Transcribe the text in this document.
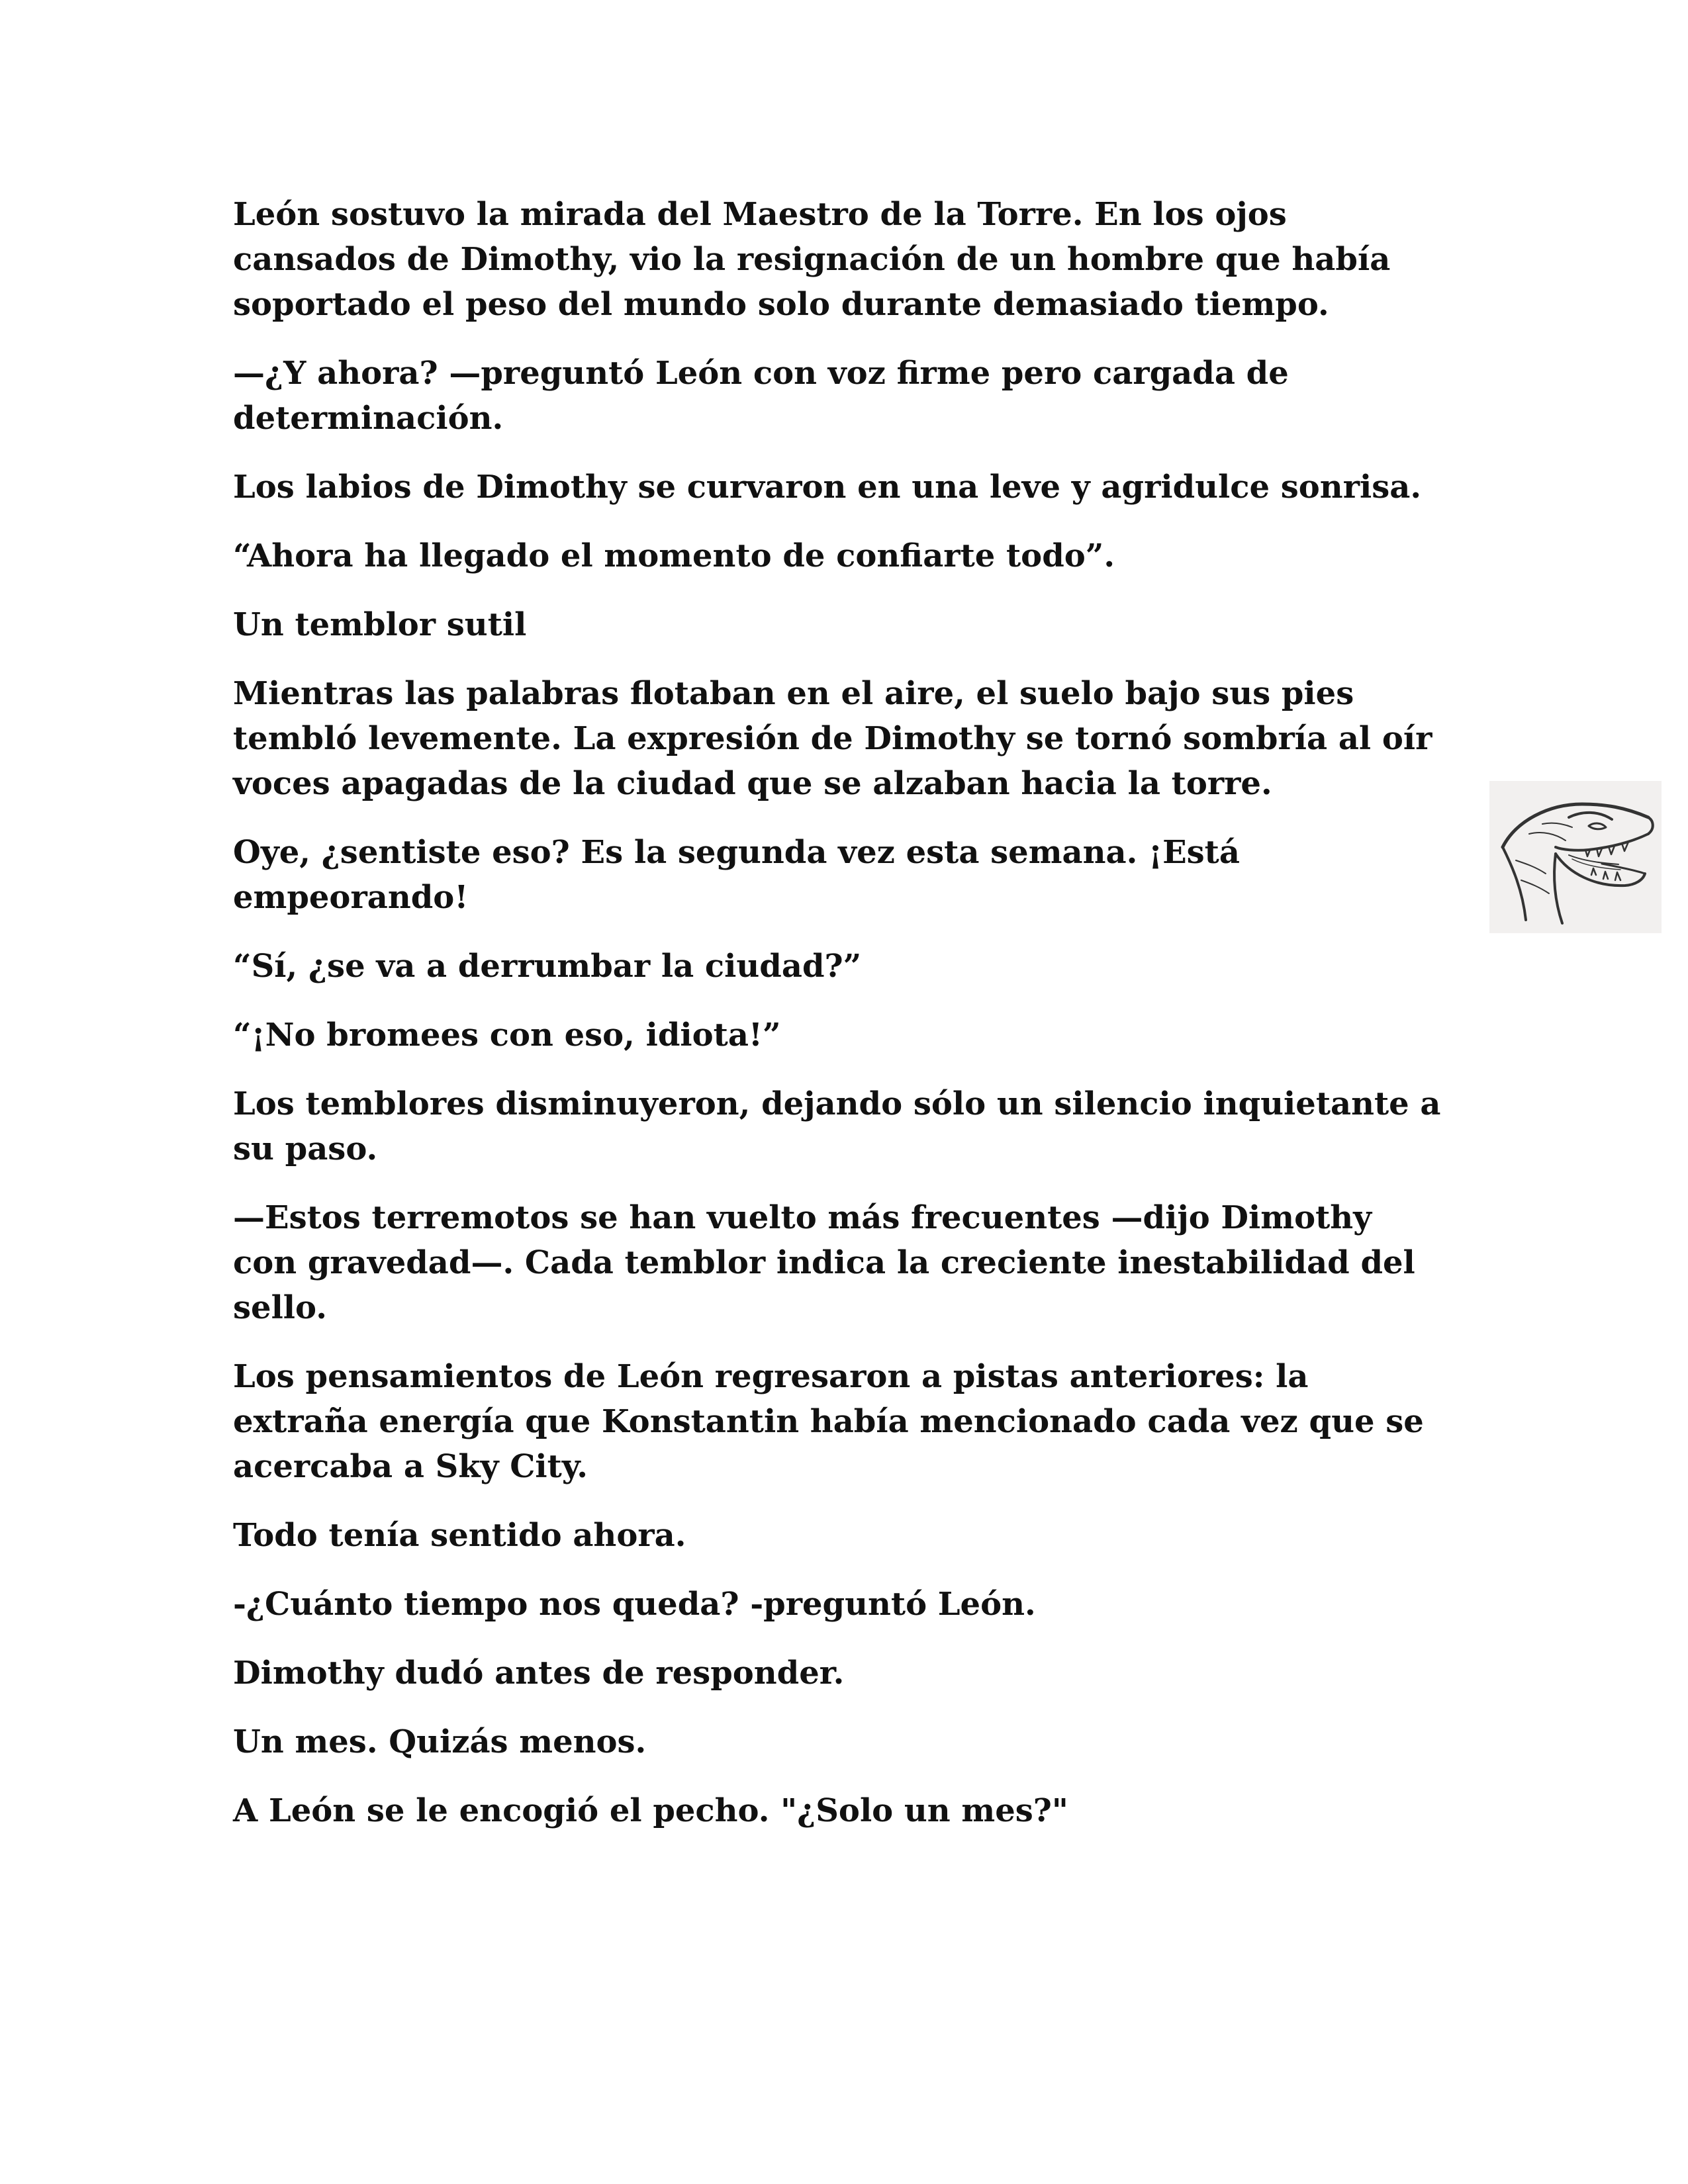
León sostuvo la mirada del Maestro de la Torre. En los ojos cansados de Dimothy, vio la resignación de un hombre que había soportado el peso del mundo solo durante demasiado tiempo.

—¿Y ahora? —preguntó León con voz firme pero cargada de determinación.

Los labios de Dimothy se curvaron en una leve y agridulce sonrisa.

“Ahora ha llegado el momento de confiarte todo”.

Un temblor sutil

Mientras las palabras flotaban en el aire, el suelo bajo sus pies tembló levemente. La expresión de Dimothy se tornó sombría al oír voces apagadas de la ciudad que se alzaban hacia la torre.

Oye, ¿sentiste eso? Es la segunda vez esta semana. ¡Está empeorando!

“Sí, ¿se va a derrumbar la ciudad?”

“¡No bromees con eso, idiota!”

Los temblores disminuyeron, dejando sólo un silencio inquietante a su paso.

—Estos terremotos se han vuelto más frecuentes —dijo Dimothy con gravedad—. Cada temblor indica la creciente inestabilidad del sello.

Los pensamientos de León regresaron a pistas anteriores: la extraña energía que Konstantin había mencionado cada vez que se acercaba a Sky City.

Todo tenía sentido ahora.

-¿Cuánto tiempo nos queda? -preguntó León.

Dimothy dudó antes de responder.

Un mes. Quizás menos.

A León se le encogió el pecho. "¿Solo un mes?"
